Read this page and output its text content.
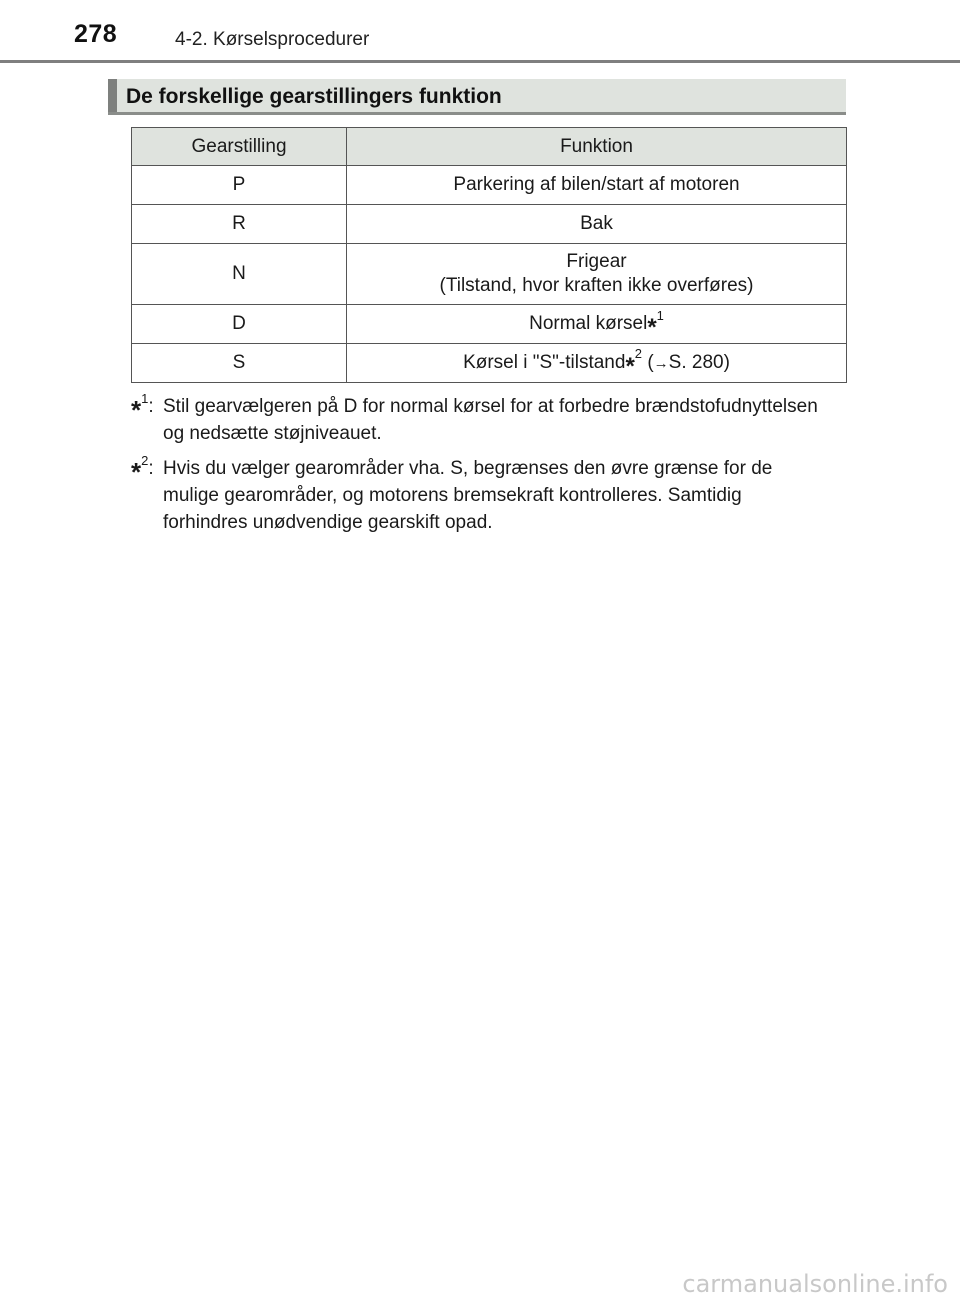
278	4-2. Kørselsprocedurer
De forskellige gearstillingers funktion
Gearstilling	Funktion
P	Parkering af bilen/start af motoren
R	Bak
N	Frigear
(Tilstand, hvor kraften ikke overføres)
D	Normal kørsel*$^1$
S	Kørsel i "S"-tilstand*$^2$ (→S. 280)
*$^1$: Stil gearvælgeren på D for normal kørsel for at forbedre brændstofudnyttelsen og nedsætte støjniveauet.
*$^2$: Hvis du vælger gearområder vha. S, begrænses den øvre grænse for de mulige gearområder, og motorens bremsekraft kontrolleres. Samtidig forhindres unødvendige gearskift opad.
carmanualsonline.info
